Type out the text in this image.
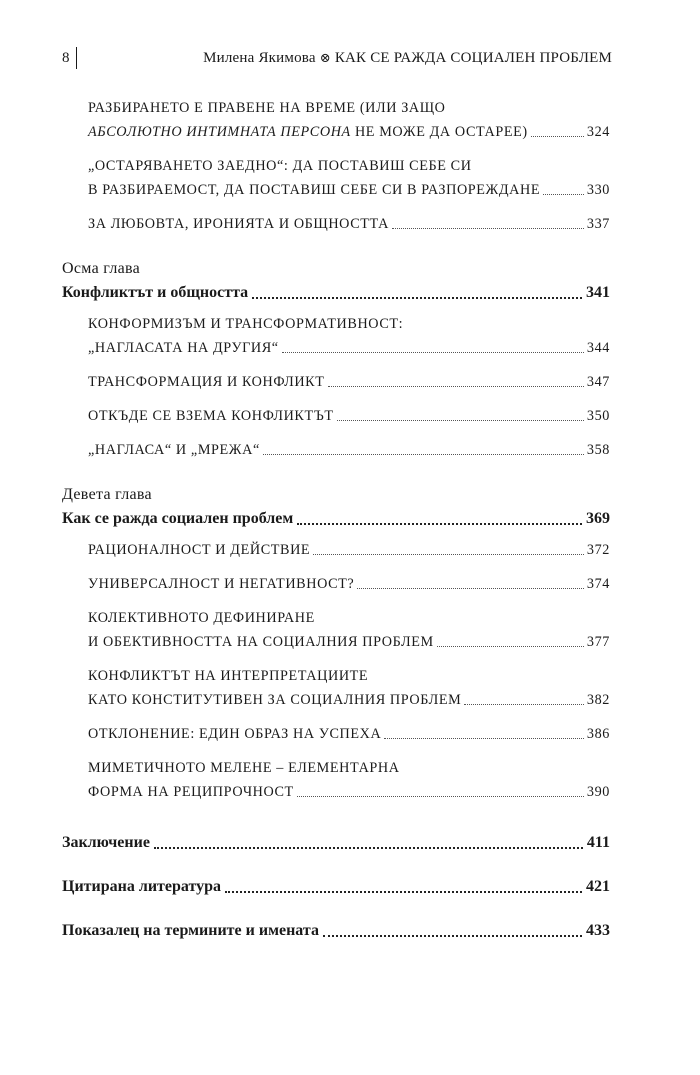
8	Милена Якимова ⊗ КАК СЕ РАЖДА СОЦИАЛЕН ПРОБЛЕМ
РАЗБИРАНЕТО Е ПРАВЕНЕ НА ВРЕМЕ (ИЛИ ЗАЩО
АБСОЛЮТНО ИНТИМНАТА ПЕРСОНА НЕ МОЖЕ ДА ОСТАРЕЕ)	324
„ОСТАРЯВАНЕТО ЗАЕДНО“: ДА ПОСТАВИШ СЕБЕ СИ
В РАЗБИРАЕМОСТ, ДА ПОСТАВИШ СЕБЕ СИ В РАЗПОРЕЖДАНЕ	330
ЗА ЛЮБОВТА, ИРОНИЯТА И ОБЩНОСТТА	337
Осма глава
Конфликтът и общността	341
КОНФОРМИЗЪМ И ТРАНСФОРМАТИВНОСТ:
„НАГЛАСАТА НА ДРУГИЯ“	344
ТРАНСФОРМАЦИЯ И КОНФЛИКТ	347
ОТКЪДЕ СЕ ВЗЕМА КОНФЛИКТЪТ	350
„НАГЛАСА“ И „МРЕЖА“	358
Девета глава
Как се ражда социален проблем	369
РАЦИОНАЛНОСТ И ДЕЙСТВИЕ	372
УНИВЕРСАЛНОСТ И НЕГАТИВНОСТ?	374
КОЛЕКТИВНОТО ДЕФИНИРАНЕ
И ОБЕКТИВНОСТТА НА СОЦИАЛНИЯ ПРОБЛЕМ	377
КОНФЛИКТЪТ НА ИНТЕРПРЕТАЦИИТЕ
КАТО КОНСТИТУТИВЕН ЗА СОЦИАЛНИЯ ПРОБЛЕМ	382
ОТКЛОНЕНИЕ: ЕДИН ОБРАЗ НА УСПЕХА	386
МИМЕТИЧНОТО МЕЛЕНЕ – ЕЛЕМЕНТАРНА
ФОРМА НА РЕЦИПРОЧНОСТ	390
Заключение	411
Цитирана литература	421
Показалец на термините и имената	433
